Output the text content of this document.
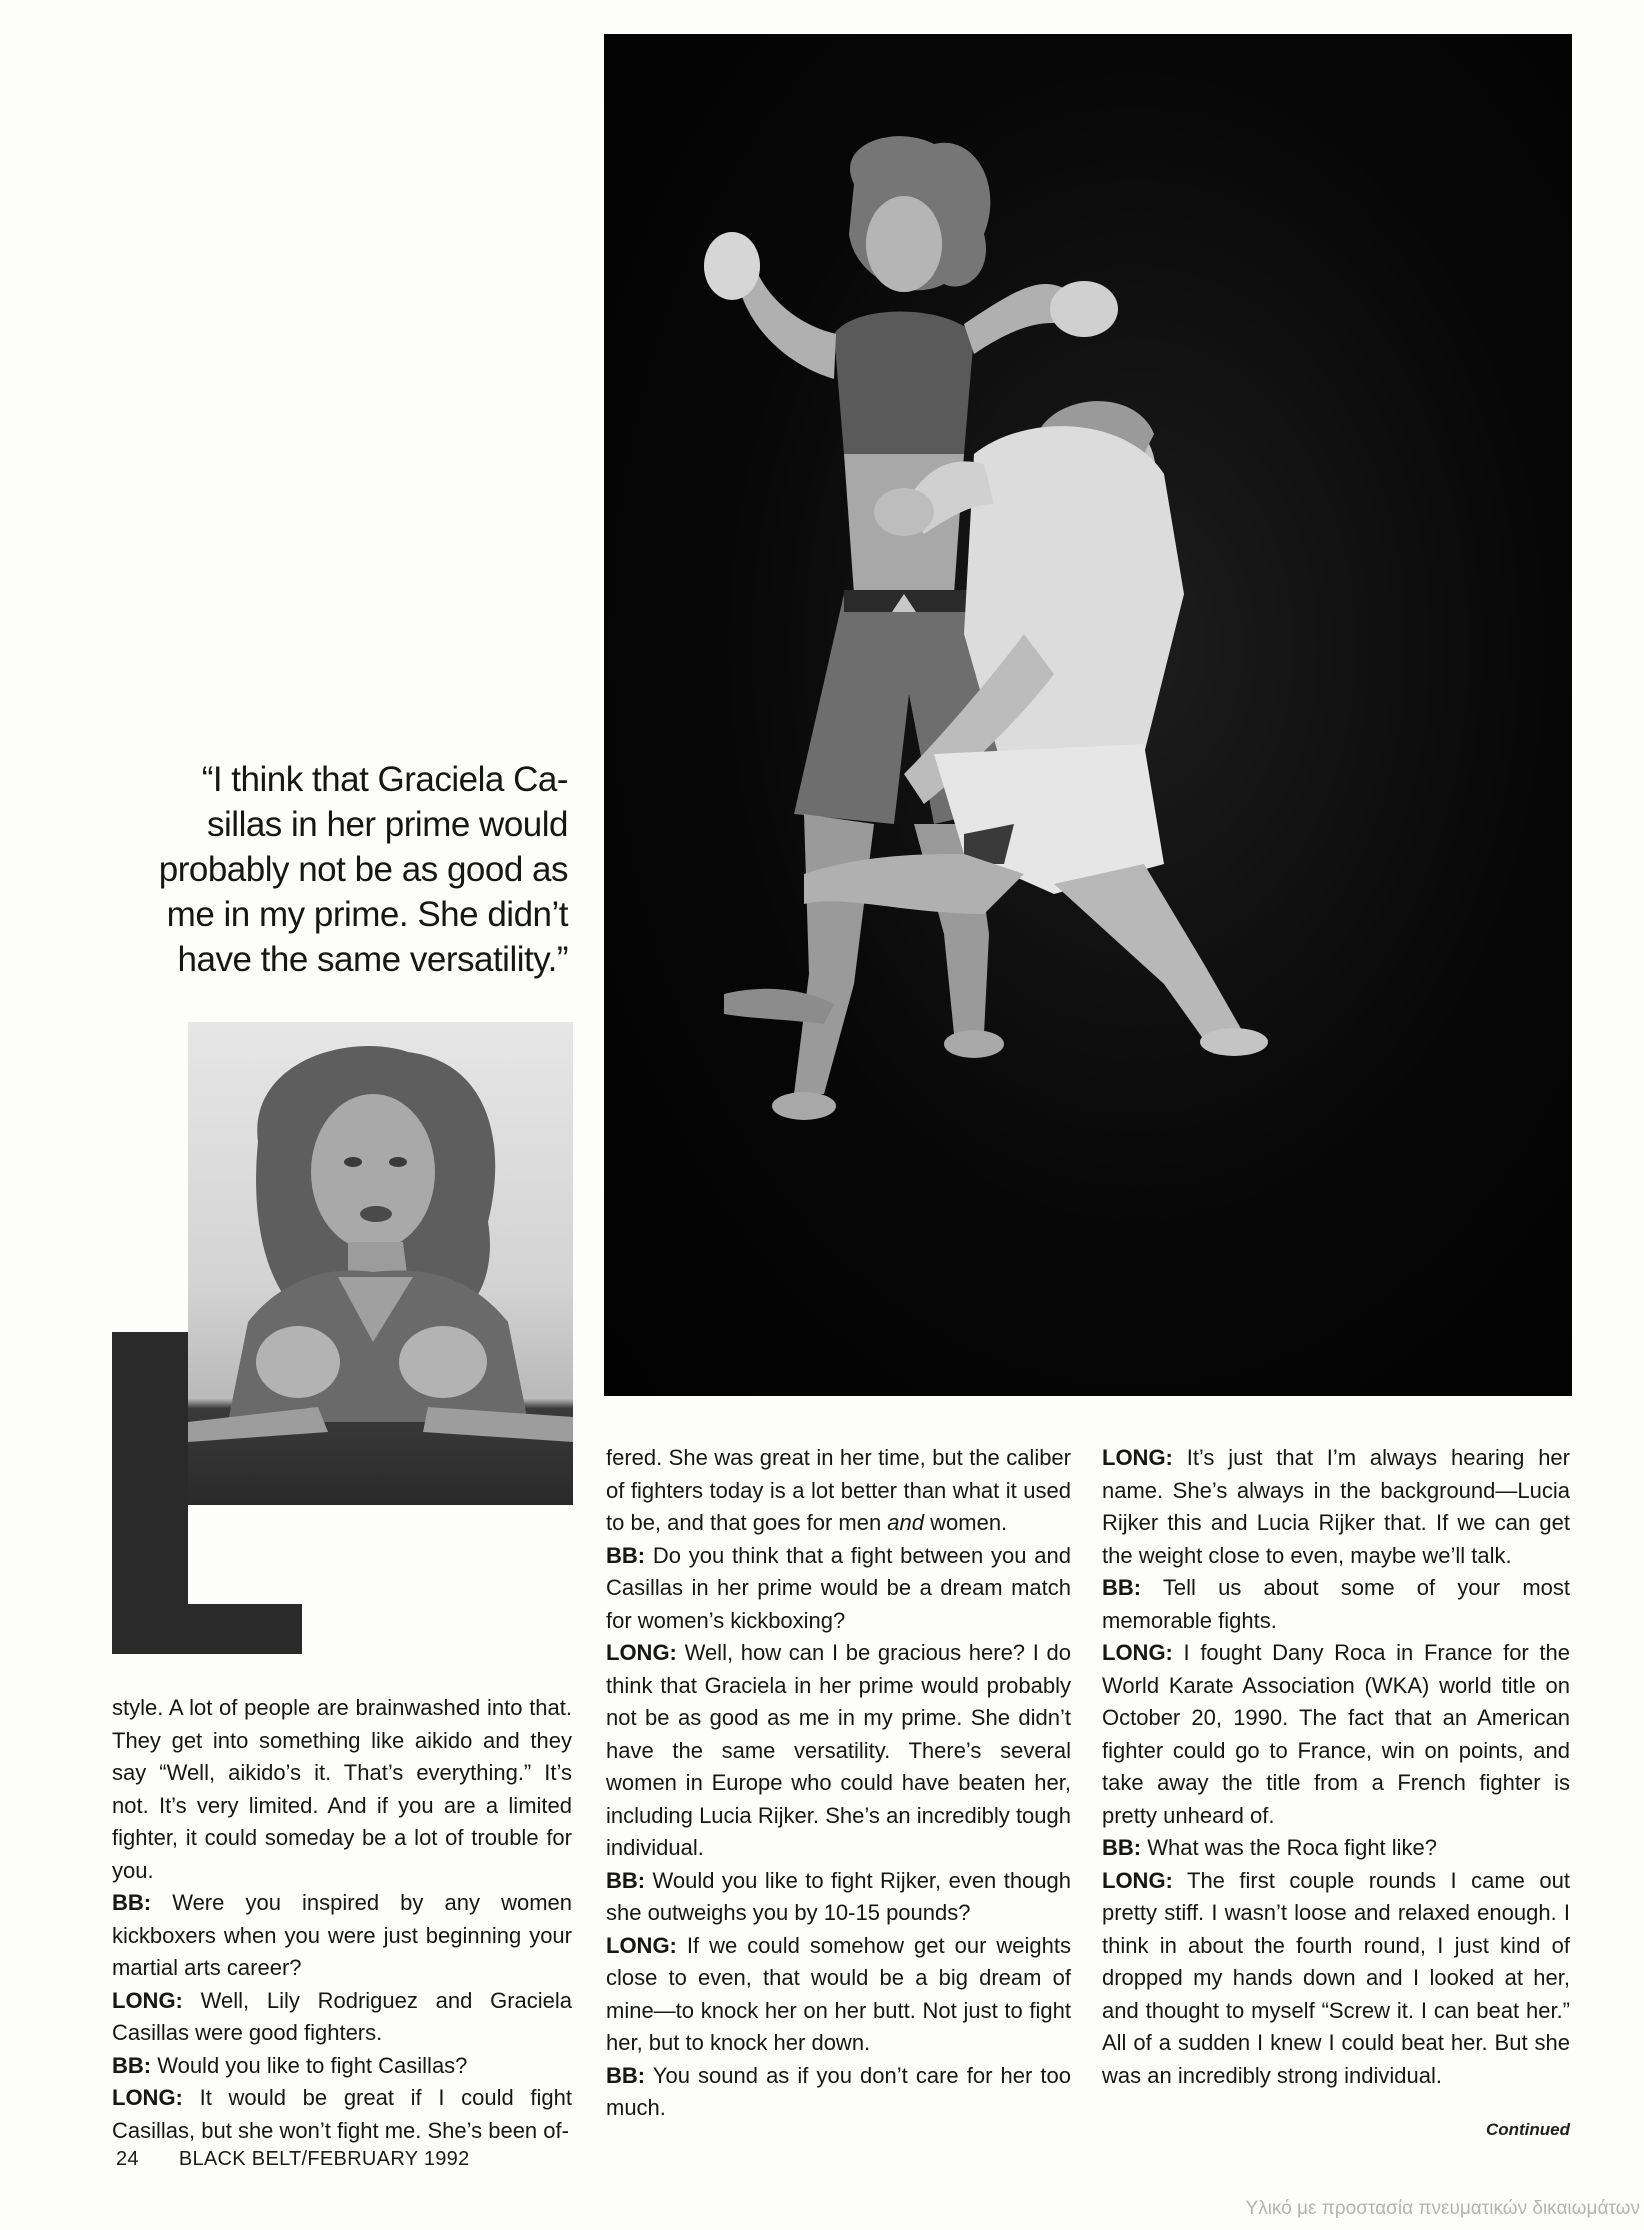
“I think that Graciela Ca-
sillas in her prime would
probably not be as good as
me in my prime. She didn’t
have the same versatility.”

style. A lot of people are brainwashed into that. They get into something like aikido and they say “Well, aikido’s it. That’s everything.” It’s not. It’s very limited. And if you are a limited fighter, it could someday be a lot of trouble for you.

BB: Were you inspired by any women kickboxers when you were just beginning your martial arts career?

LONG: Well, Lily Rodriguez and Graciela Casillas were good fighters.

BB: Would you like to fight Casillas?

LONG: It would be great if I could fight Casillas, but she won’t fight me. She’s been of-

fered. She was great in her time, but the caliber of fighters today is a lot better than what it used to be, and that goes for men and women.

BB: Do you think that a fight between you and Casillas in her prime would be a dream match for women’s kickboxing?

LONG: Well, how can I be gracious here? I do think that Graciela in her prime would probably not be as good as me in my prime. She didn’t have the same versatility. There’s several women in Europe who could have beaten her, including Lucia Rijker. She’s an incredibly tough individual.

BB: Would you like to fight Rijker, even though she outweighs you by 10-15 pounds?

LONG: If we could somehow get our weights close to even, that would be a big dream of mine—to knock her on her butt. Not just to fight her, but to knock her down.

BB: You sound as if you don’t care for her too much.

LONG: It’s just that I’m always hearing her name. She’s always in the background—Lucia Rijker this and Lucia Rijker that. If we can get the weight close to even, maybe we’ll talk.

BB: Tell us about some of your most memorable fights.

LONG: I fought Dany Roca in France for the World Karate Association (WKA) world title on October 20, 1990. The fact that an American fighter could go to France, win on points, and take away the title from a French fighter is pretty unheard of.

BB: What was the Roca fight like?

LONG: The first couple rounds I came out pretty stiff. I wasn’t loose and relaxed enough. I think in about the fourth round, I just kind of dropped my hands down and I looked at her, and thought to myself “Screw it. I can beat her.” All of a sudden I knew I could beat her. But she was an incredibly strong individual.

Continued
24 BLACK BELT/FEBRUARY 1992
Υλικό με προστασία πνευματικών δικαιωμάτων
